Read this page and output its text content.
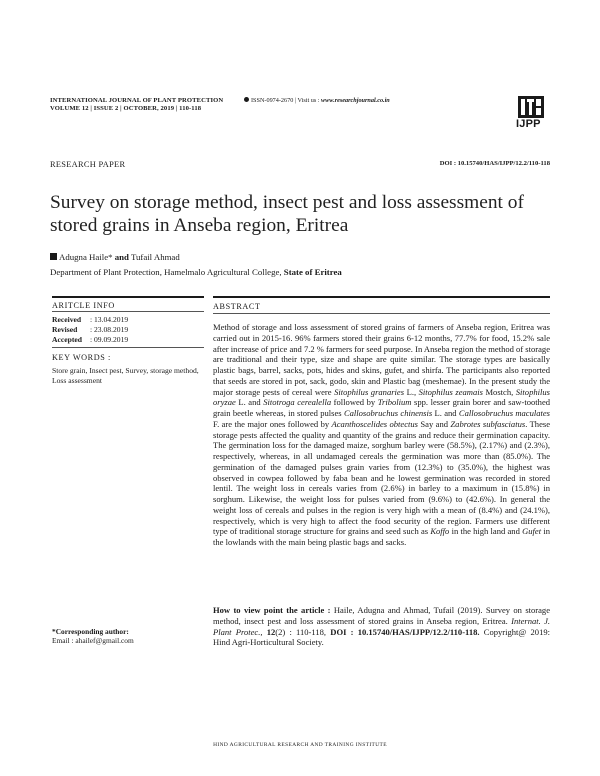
INTERNATIONAL JOURNAL OF PLANT PROTECTION
VOLUME 12 | ISSUE 2 | OCTOBER, 2019 | 110-118
ISSN-0974-2670 | Visit us : www.researchjournal.co.in
IJPP
RESEARCH PAPER	DOI : 10.15740/HAS/IJPP/12.2/110-118
Survey on storage method, insect pest and loss assessment of stored grains in Anseba region, Eritrea
Adugna Haile* and Tufail Ahmad
Department of Plant Protection, Hamelmalo Agricultural College, State of Eritrea
ARITCLE INFO
Received : 13.04.2019
Revised : 23.08.2019
Accepted : 09.09.2019
KEY WORDS :
Store grain, Insect pest, Survey, storage method, Loss assessment
*Corresponding author:
Email : ahailef@gmail.com
ABSTRACT
Method of storage and loss assessment of stored grains of farmers of Anseba region, Eritrea was carried out in 2015-16. 96% farmers stored their grains 6-12 months, 77.7% for food, 15.2% sale after increase of price and 7.2 % farmers for seed purpose. In Anseba region the method of storage are traditional and their type, size and shape are quite similar. The storage types are basically plastic bags, barrel, sacks, pots, hides and skins, gufet, and shirfa. The participants also reported that seeds are stored in pot, sack, godo, skin and Plastic bag (meshemae). In the present study the major storage pests of cereal were Sitophilus granaries L., Sitophilus zeamais Mostch, Sitophilus oryzae L. and Sitotroga cerealella followed by Tribolium spp. lesser grain borer and saw-toothed grain beetle whereas, in stored pulses Callosobruchus chinensis L. and Callosobruchus maculates F. are the major ones followed by Acanthoscelides obtectus Say and Zabrotes subfasciatus. These storage pests affected the quality and quantity of the grains and reduce their germination capacity. The germination loss for the damaged maize, sorghum barley were (58.5%), (2.17%) and (2.3%), respectively, whereas, in all undamaged cereals the germination was more than (85.0%). The germination of the damaged pulses grain varies from (12.3%) to (35.0%), the highest was observed in cowpea followed by faba bean and he lowest germination was recorded in stored lentil. The weight loss in cereals varies from (2.6%) in barley to a maximum in (15.8%) in sorghum. Likewise, the weight loss for pulses varied from (9.6%) to (42.6%). In general the weight loss of cereals and pulses in the region is very high with a mean of (8.4%) and (24.1%), respectively, which is very high to affect the food security of the region. Farmers use different type of traditional storage structure for grains and seed such as Koffo in the high land and Gufet in the lowlands with the main being plastic bags and sacks.
How to view point the article : Haile, Adugna and Ahmad, Tufail (2019). Survey on storage method, insect pest and loss assessment of stored grains in Anseba region, Eritrea. Internat. J. Plant Protec., 12(2) : 110-118, DOI : 10.15740/HAS/IJPP/12.2/110-118. Copyright@ 2019: Hind Agri-Horticultural Society.
HIND AGRICULTURAL RESEARCH AND TRAINING INSTITUTE
